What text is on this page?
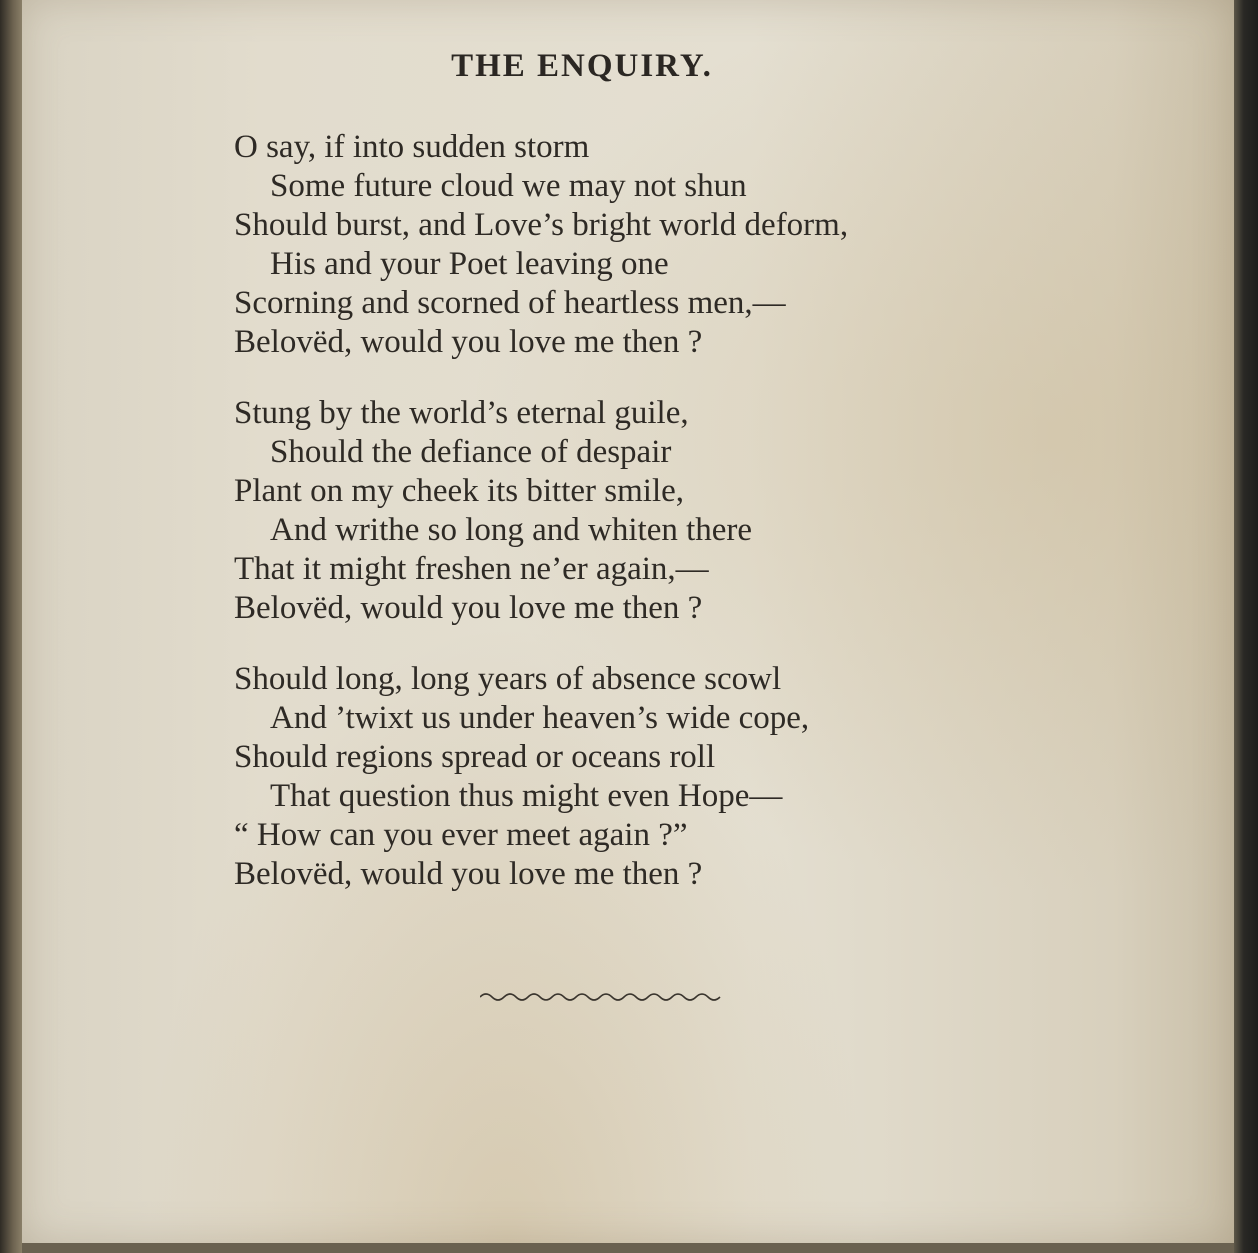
THE ENQUIRY.
O say, if into sudden storm
Some future cloud we may not shun
Should burst, and Love’s bright world deform,
His and your Poet leaving one
Scorning and scorned of heartless men,—
Belovëd, would you love me then ?
Stung by the world’s eternal guile,
Should the defiance of despair
Plant on my cheek its bitter smile,
And writhe so long and whiten there
That it might freshen ne’er again,—
Belovëd, would you love me then ?
Should long, long years of absence scowl
And ’twixt us under heaven’s wide cope,
Should regions spread or oceans roll
That question thus might even Hope—
“ How can you ever meet again ?”
Belovëd, would you love me then ?
